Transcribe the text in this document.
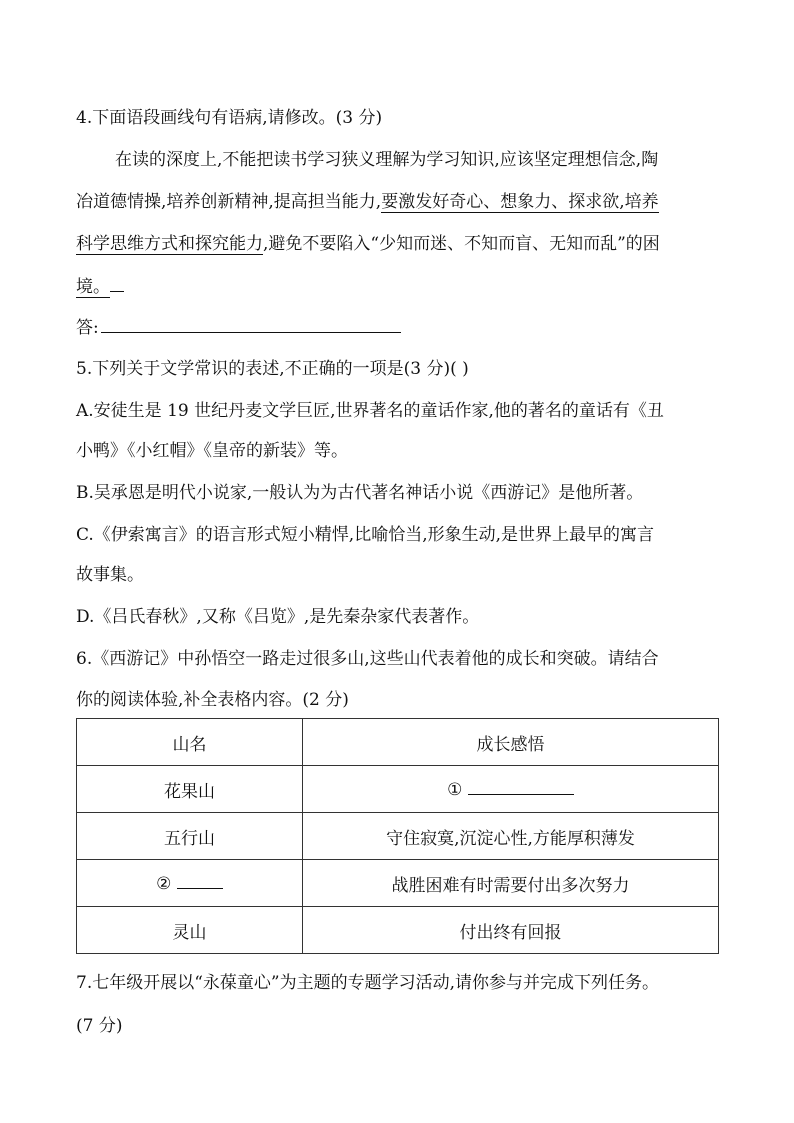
4.下面语段画线句有语病,请修改。(3 分)
在读的深度上,不能把读书学习狭义理解为学习知识,应该坚定理想信念,陶
冶道德情操,培养创新精神,提高担当能力,要激发好奇心、想象力、探求欲,培养
科学思维方式和探究能力,避免不要陷入“少知而迷、不知而盲、无知而乱”的困
境。
答:
5.下列关于文学常识的表述,不正确的一项是(3 分)( )
A.安徒生是 19 世纪丹麦文学巨匠,世界著名的童话作家,他的著名的童话有《丑
小鸭》《小红帽》《皇帝的新装》等。
B.吴承恩是明代小说家,一般认为为古代著名神话小说《西游记》是他所著。
C.《伊索寓言》的语言形式短小精悍,比喻恰当,形象生动,是世界上最早的寓言
故事集。
D.《吕氏春秋》,又称《吕览》,是先秦杂家代表著作。
6.《西游记》中孙悟空一路走过很多山,这些山代表着他的成长和突破。请结合
你的阅读体验,补全表格内容。(2 分)
山名	成长感悟
花果山	①
五行山	守住寂寞,沉淀心性,方能厚积薄发
②	战胜困难有时需要付出多次努力
灵山	付出终有回报
7.七年级开展以“永葆童心”为主题的专题学习活动,请你参与并完成下列任务。
(7 分)
